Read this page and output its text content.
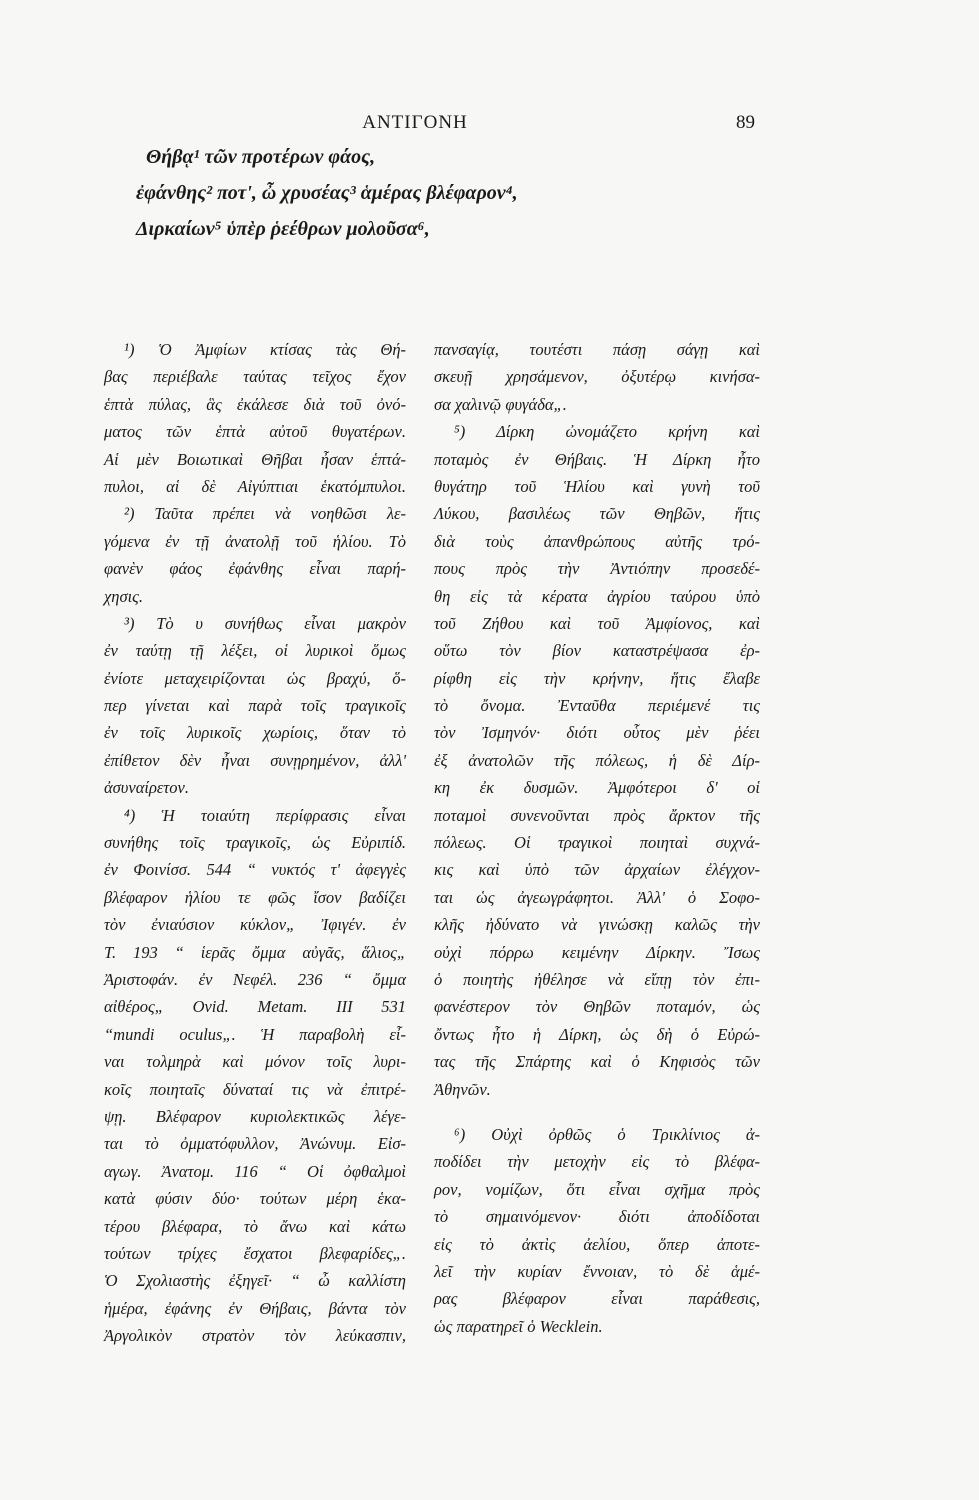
ΑΝΤΙΓΟΝΗ	89
Θήβᾳ¹ τῶν προτέρων φάος,
ἐφάνθης² ποτ', ὦ χρυσέας³ ἁμέρας βλέφαρον⁴,
Διρκαίων⁵ ὑπὲρ ῥεέθρων μολοῦσα⁶,
¹) Ὁ Ἀμφίων κτίσας τὰς Θή-
βας περιέβαλε ταύτας τεῖχος ἔχον
ἑπτὰ πύλας, ἃς ἐκάλεσε διὰ τοῦ ὀνό-
ματος τῶν ἑπτὰ αὐτοῦ θυγατέρων.
Αἱ μὲν Βοιωτικαὶ Θῆβαι ἦσαν ἑπτά-
πυλοι, αἱ δὲ Αἰγύπτιαι ἑκατόμπυλοι.
²) Ταῦτα πρέπει νὰ νοηθῶσι λε-
γόμενα ἐν τῇ ἀνατολῇ τοῦ ἡλίου. Τὸ
φανὲν φάος ἐφάνθης εἶναι παρή-
χησις.
³) Τὸ υ συνήθως εἶναι μακρὸν
ἐν ταύτῃ τῇ λέξει, οἱ λυρικοὶ ὅμως
ἐνίοτε μεταχειρίζονται ὡς βραχύ, ὅ-
περ γίνεται καὶ παρὰ τοῖς τραγικοῖς
ἐν τοῖς λυρικοῖς χωρίοις, ὅταν τὸ
ἐπίθετον δὲν ἦναι συνῃρημένον, ἀλλ'
ἀσυναίρετον.
⁴) Ἡ τοιαύτη περίφρασις εἶναι
συνήθης τοῖς τραγικοῖς, ὡς Εὐριπίδ.
ἐν Φοινίσσ. 544 “ νυκτός τ' ἀφεγγὲς
βλέφαρον ἡλίου τε φῶς ἴσον βαδίζει
τὸν ἐνιαύσιον κύκλον„ Ἰφιγέν. ἐν
Τ. 193 “ ἱερᾶς ὄμμα αὐγᾶς, ἅλιος„
Ἀριστοφάν. ἐν Νεφέλ. 236 “ ὄμμα
αἰθέρος„ Ovid. Metam. III 531
“mundi oculus„. Ἡ παραβολὴ εἶ-
ναι τολμηρὰ καὶ μόνον τοῖς λυρι-
κοῖς ποιηταῖς δύναταί τις νὰ ἐπιτρέ-
ψῃ. Βλέφαρον κυριολεκτικῶς λέγε-
ται τὸ ὀμματόφυλλον, Ἀνώνυμ. Εἰσ-
αγωγ. Ἀνατομ. 116 “ Οἱ ὀφθαλμοὶ
κατὰ φύσιν δύο· τούτων μέρη ἑκα-
τέρου βλέφαρα, τὸ ἄνω καὶ κάτω
τούτων τρίχες ἔσχατοι βλεφαρίδες„.
Ὁ Σχολιαστὴς ἐξηγεῖ· “ ὦ καλλίστη
ἡμέρα, ἐφάνης ἐν Θήβαις, βάντα τὸν
Ἀργολικὸν στρατὸν τὸν λεύκασπιν,
πανσαγίᾳ, τουτέστι πάσῃ σάγῃ καὶ
σκευῇ χρησάμενον, ὀξυτέρῳ κινήσα-
σα χαλινῷ φυγάδα„.
⁵) Δίρκη ὠνομάζετο κρήνη καὶ
ποταμὸς ἐν Θήβαις. Ἡ Δίρκη ἦτο
θυγάτηρ τοῦ Ἡλίου καὶ γυνὴ τοῦ
Λύκου, βασιλέως τῶν Θηβῶν, ἥτις
διὰ τοὺς ἀπανθρώπους αὐτῆς τρό-
πους πρὸς τὴν Ἀντιόπην προσεδέ-
θη εἰς τὰ κέρατα ἀγρίου ταύρου ὑπὸ
τοῦ Ζήθου καὶ τοῦ Ἀμφίονος, καὶ
οὕτω τὸν βίον καταστρέψασα ἐρ-
ρίφθη εἰς τὴν κρήνην, ἥτις ἔλαβε
τὸ ὄνομα. Ἐνταῦθα περιέμενέ τις
τὸν Ἰσμηνόν· διότι οὗτος μὲν ῥέει
ἐξ ἀνατολῶν τῆς πόλεως, ἡ δὲ Δίρ-
κη ἐκ δυσμῶν. Ἀμφότεροι δ' οἱ
ποταμοὶ συνενοῦνται πρὸς ἄρκτον τῆς
πόλεως. Οἱ τραγικοὶ ποιηταὶ συχνά-
κις καὶ ὑπὸ τῶν ἀρχαίων ἐλέγχον-
ται ὡς ἀγεωγράφητοι. Ἀλλ' ὁ Σοφο-
κλῆς ἠδύνατο νὰ γινώσκῃ καλῶς τὴν
οὐχὶ πόρρω κειμένην Δίρκην. Ἴσως
ὁ ποιητὴς ἠθέλησε νὰ εἴπῃ τὸν ἐπι-
φανέστερον τὸν Θηβῶν ποταμόν, ὡς
ὄντως ἦτο ἡ Δίρκη, ὡς δὴ ὁ Εὐρώ-
τας τῆς Σπάρτης καὶ ὁ Κηφισὸς τῶν
Ἀθηνῶν.
⁶) Οὐχὶ ὀρθῶς ὁ Τρικλίνιος ἀ-
ποδίδει τὴν μετοχὴν εἰς τὸ βλέφα-
ρον, νομίζων, ὅτι εἶναι σχῆμα πρὸς
τὸ σημαινόμενον· διότι ἀποδίδοται
εἰς τὸ ἀκτὶς ἀελίου, ὅπερ ἀποτε-
λεῖ τὴν κυρίαν ἔννοιαν, τὸ δὲ ἁμέ-
ρας βλέφαρον εἶναι παράθεσις,
ὡς παρατηρεῖ ὁ Wecklein.
